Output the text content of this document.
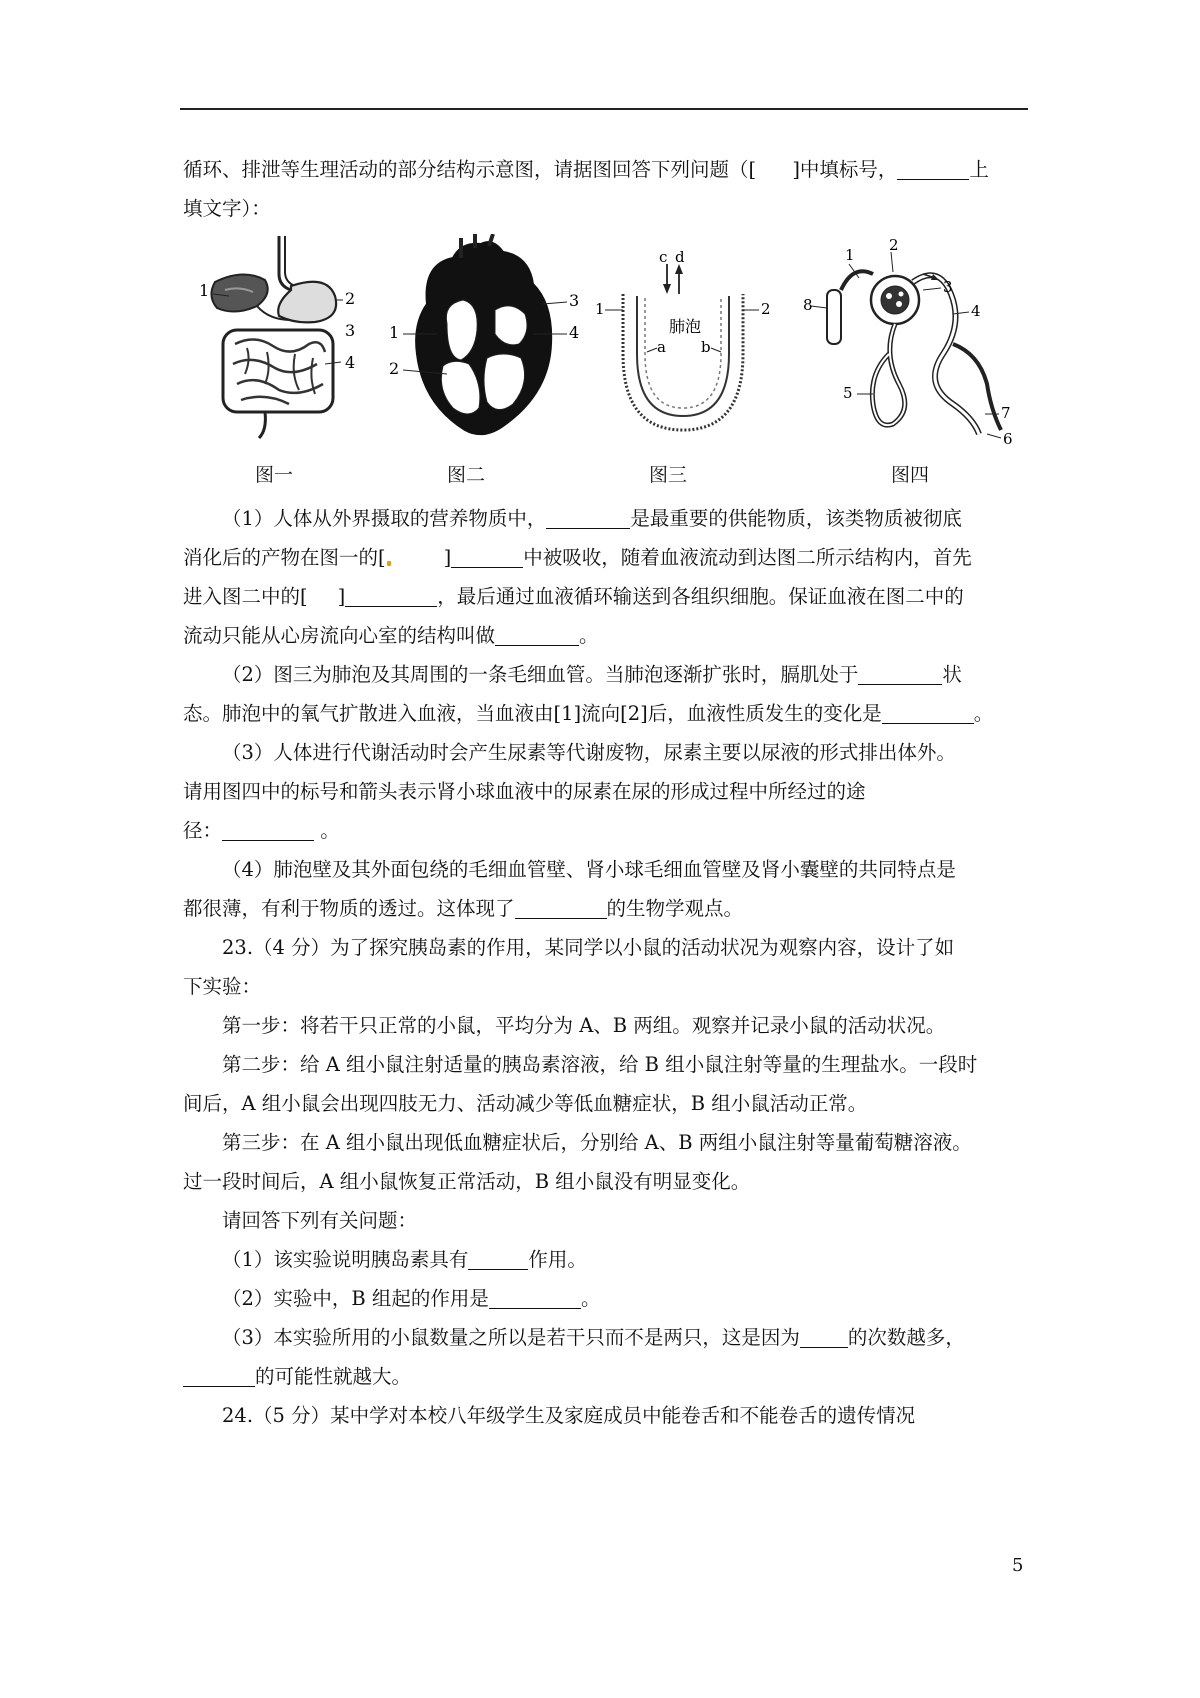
循环、排泄等生理活动的部分结构示意图，请据图回答下列问题（[ ]中填标号，	上

填文字）：

1	2
3
4
图一
1
2
3
4
图二
c d
1	2
a b
肺泡
图三
1
2
3
4
5
6
7
8
图四

（1）人体从外界摄取的营养物质中，	是最重要的供能物质，该类物质被彻底

消化后的产物在图一的[	]	中被吸收，随着血液流动到达图二所示结构内，首先

进入图二中的[ ]	，最后通过血液循环输送到各组织细胞。保证血液在图二中的

流动只能从心房流向心室的结构叫做	。

（2）图三为肺泡及其周围的一条毛细血管。当肺泡逐渐扩张时，膈肌处于	状

态。肺泡中的氧气扩散进入血液，当血液由[1]流向[2]后，血液性质发生的变化是	。

（3）人体进行代谢活动时会产生尿素等代谢废物，尿素主要以尿液的形式排出体外。

请用图四中的标号和箭头表示肾小球血液中的尿素在尿的形成过程中所经过的途

径：	。

（4）肺泡壁及其外面包绕的毛细血管壁、肾小球毛细血管壁及肾小囊壁的共同特点是

都很薄，有利于物质的透过。这体现了	的生物学观点。

23.（4 分）为了探究胰岛素的作用，某同学以小鼠的活动状况为观察内容，设计了如

下实验：

第一步：将若干只正常的小鼠，平均分为 A、B 两组。观察并记录小鼠的活动状况。

第二步：给 A 组小鼠注射适量的胰岛素溶液，给 B 组小鼠注射等量的生理盐水。一段时

间后，A 组小鼠会出现四肢无力、活动减少等低血糖症状，B 组小鼠活动正常。

第三步：在 A 组小鼠出现低血糖症状后，分别给 A、B 两组小鼠注射等量葡萄糖溶液。

过一段时间后，A 组小鼠恢复正常活动，B 组小鼠没有明显变化。

请回答下列有关问题：

（1）该实验说明胰岛素具有	作用。

（2）实验中，B 组起的作用是	。

（3）本实验所用的小鼠数量之所以是若干只而不是两只，这是因为 的次数越多，

的可能性就越大。

24.（5 分）某中学对本校八年级学生及家庭成员中能卷舌和不能卷舌的遗传情况

5
